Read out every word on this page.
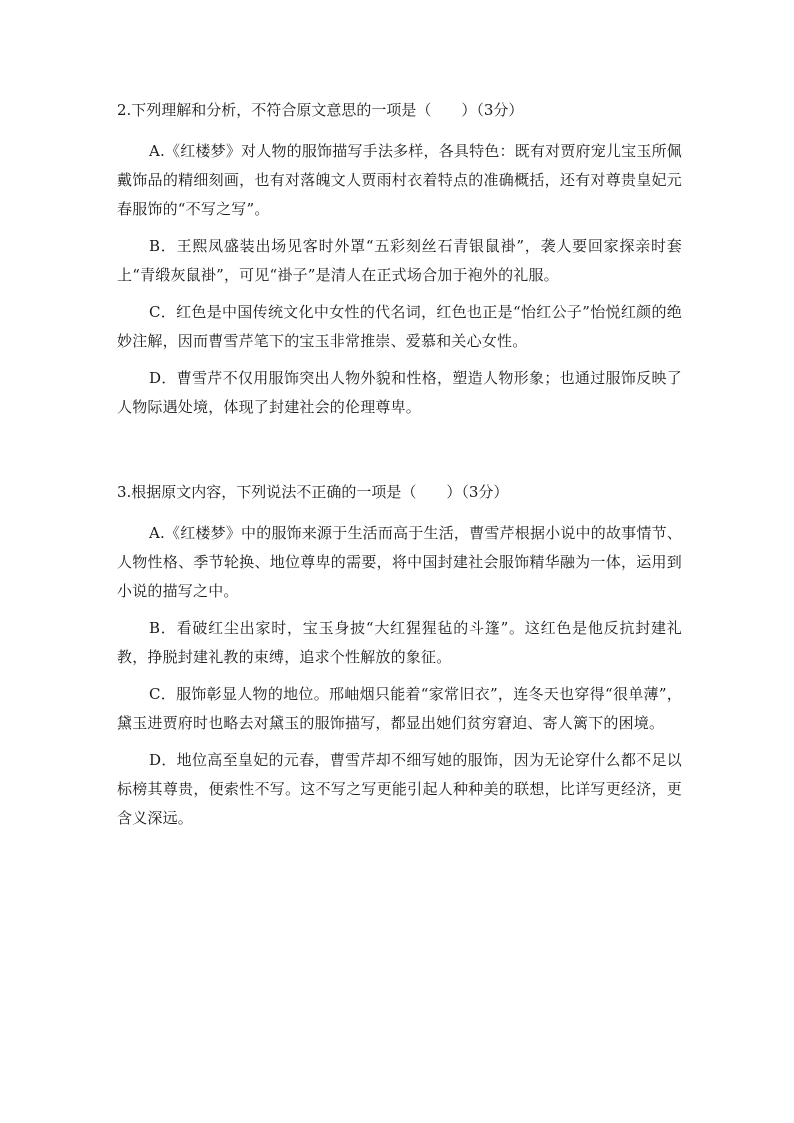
2.下列理解和分析，不符合原文意思的一项是（　　）（3分）

A.《红楼梦》对人物的服饰描写手法多样，各具特色：既有对贾府宠儿宝玉所佩戴饰品的精细刻画，也有对落魄文人贾雨村衣着特点的准确概括，还有对尊贵皇妃元春服饰的“不写之写”。

B．王熙凤盛装出场见客时外罩“五彩刻丝石青银鼠褂”，袭人要回家探亲时套上“青缎灰鼠褂”，可见“褂子”是清人在正式场合加于袍外的礼服。

C．红色是中国传统文化中女性的代名词，红色也正是“怡红公子”怡悦红颜的绝妙注解，因而曹雪芹笔下的宝玉非常推崇、爱慕和关心女性。

D．曹雪芹不仅用服饰突出人物外貌和性格，塑造人物形象；也通过服饰反映了人物际遇处境，体现了封建社会的伦理尊卑。

3.根据原文内容，下列说法不正确的一项是（　　）（3分）

A.《红楼梦》中的服饰来源于生活而高于生活，曹雪芹根据小说中的故事情节、人物性格、季节轮换、地位尊卑的需要，将中国封建社会服饰精华融为一体，运用到小说的描写之中。

B．看破红尘出家时，宝玉身披“大红猩猩毡的斗篷”。这红色是他反抗封建礼教，挣脱封建礼教的束缚，追求个性解放的象征。

C．服饰彰显人物的地位。邢岫烟只能着“家常旧衣”，连冬天也穿得“很单薄”，黛玉进贾府时也略去对黛玉的服饰描写，都显出她们贫穷窘迫、寄人篱下的困境。

D．地位高至皇妃的元春，曹雪芹却不细写她的服饰，因为无论穿什么都不足以标榜其尊贵，便索性不写。这不写之写更能引起人种种美的联想，比详写更经济，更含义深远。
